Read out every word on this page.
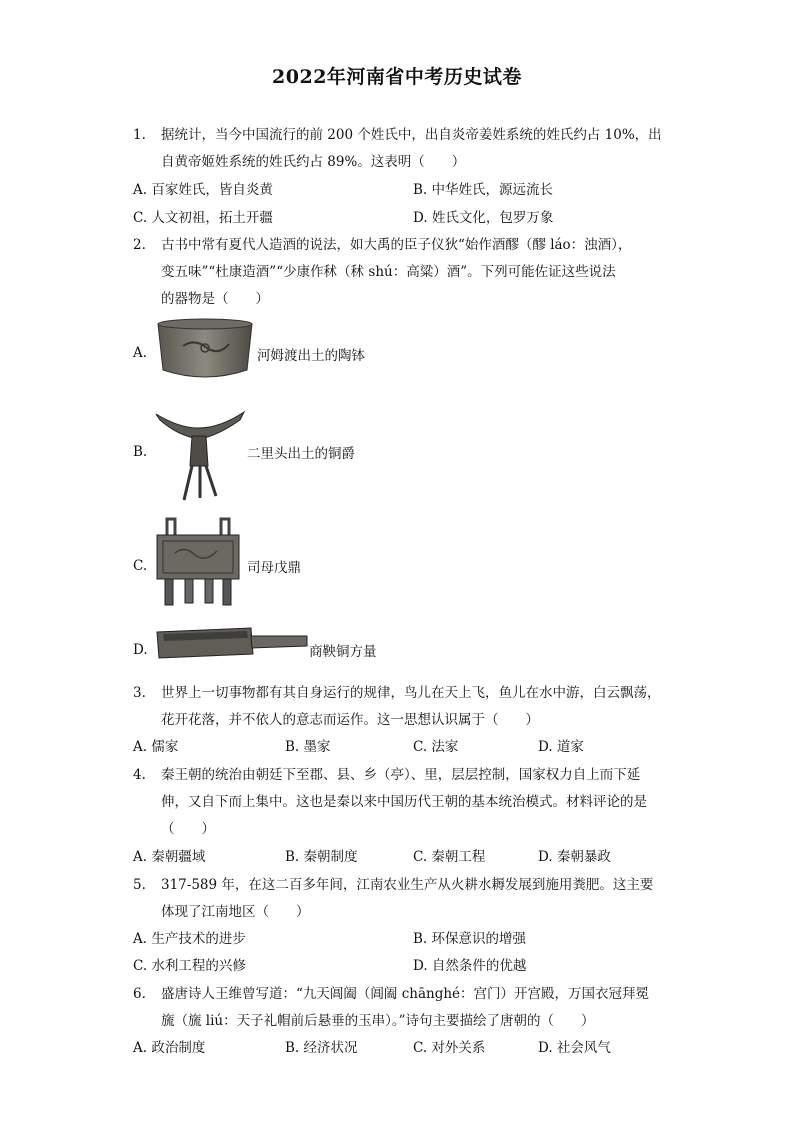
2022年河南省中考历史试卷
1.	据统计，当今中国流行的前 200 个姓氏中，出自炎帝姜姓系统的姓氏约占 10%，出
自黄帝姬姓系统的姓氏约占 89%。这表明（　　）
A. 百家姓氏，皆自炎黄	B. 中华姓氏，源远流长
C. 人文初祖，拓土开疆	D. 姓氏文化，包罗万象
2.	古书中常有夏代人造酒的说法，如大禹的臣子仪狄“始作酒醪（醪 láo：浊酒），
变五味”“杜康造酒”“少康作秫（秫 shú：高粱）酒”。下列可能佐证这些说法
的器物是（　　）
A.	河姆渡出土的陶钵
B.	二里头出土的铜爵
C.	司母戊鼎
D.	商鞅铜方量
3.	世界上一切事物都有其自身运行的规律，鸟儿在天上飞，鱼儿在水中游，白云飘荡，
花开花落，并不依人的意志而运作。这一思想认识属于（　　）
A. 儒家	B. 墨家	C. 法家	D. 道家
4.	秦王朝的统治由朝廷下至郡、县、乡（亭）、里，层层控制，国家权力自上而下延
伸，又自下而上集中。这也是秦以来中国历代王朝的基本统治模式。材料评论的是
（　　）
A. 秦朝疆域	B. 秦朝制度	C. 秦朝工程	D. 秦朝暴政
5.	317-589 年，在这二百多年间，江南农业生产从火耕水耨发展到施用粪肥。这主要
体现了江南地区（　　）
A. 生产技术的进步	B. 环保意识的增强
C. 水利工程的兴修	D. 自然条件的优越
6.	盛唐诗人王维曾写道：“九天阊阖（阊阖 chānghé：宫门）开宫殿，万国衣冠拜冕
旒（旒 liú：天子礼帽前后悬垂的玉串）。”诗句主要描绘了唐朝的（　　）
A. 政治制度	B. 经济状况	C. 对外关系	D. 社会风气
